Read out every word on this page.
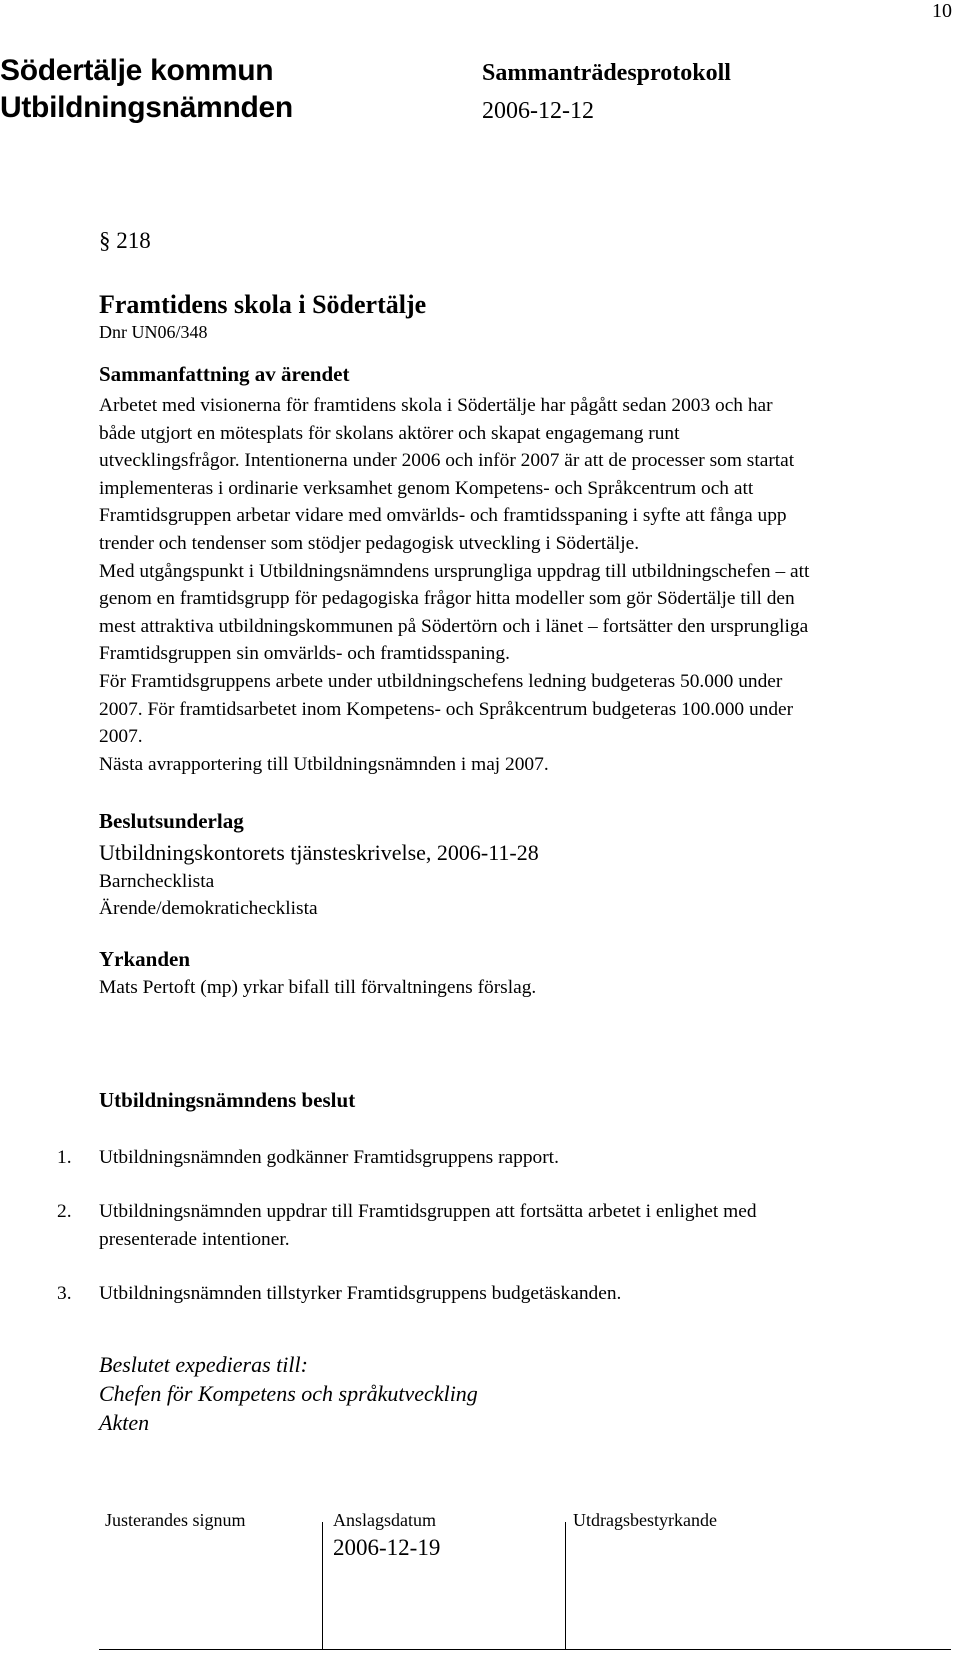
10
Södertälje kommun
Utbildningsnämnden
Sammanträdesprotokoll
2006-12-12
§ 218
Framtidens skola i Södertälje
Dnr UN06/348
Sammanfattning av ärendet
Arbetet med visionerna för framtidens skola i Södertälje har pågått sedan 2003 och har
både utgjort en mötesplats för skolans aktörer och skapat engagemang runt
utvecklingsfrågor. Intentionerna under 2006 och inför 2007 är att de processer som startat
implementeras i ordinarie verksamhet genom Kompetens- och Språkcentrum och att
Framtidsgruppen arbetar vidare med omvärlds- och framtidsspaning i syfte att fånga upp
trender och tendenser som stödjer pedagogisk utveckling i Södertälje.
Med utgångspunkt i Utbildningsnämndens ursprungliga uppdrag till utbildningschefen – att
genom en framtidsgrupp för pedagogiska frågor hitta modeller som gör Södertälje till den
mest attraktiva utbildningskommunen på Södertörn och i länet – fortsätter den ursprungliga
Framtidsgruppen sin omvärlds- och framtidsspaning.
För Framtidsgruppens arbete under utbildningschefens ledning budgeteras 50.000 under
2007. För framtidsarbetet inom Kompetens- och Språkcentrum budgeteras 100.000 under
2007.
Nästa avrapportering till Utbildningsnämnden i maj 2007.
Beslutsunderlag
Utbildningskontorets tjänsteskrivelse, 2006-11-28
Barnchecklista
Ärende/demokratichecklista
Yrkanden
Mats Pertoft (mp) yrkar bifall till förvaltningens förslag.
Utbildningsnämndens beslut
1. Utbildningsnämnden godkänner Framtidsgruppens rapport.
2. Utbildningsnämnden uppdrar till Framtidsgruppen att fortsätta arbetet i enlighet med
presenterade intentioner.
3. Utbildningsnämnden tillstyrker Framtidsgruppens budgetäskanden.
Beslutet expedieras till:
Chefen för Kompetens och språkutveckling
Akten
Justerandes signum	Anslagsdatum	Utdragsbestyrkande
2006-12-19
